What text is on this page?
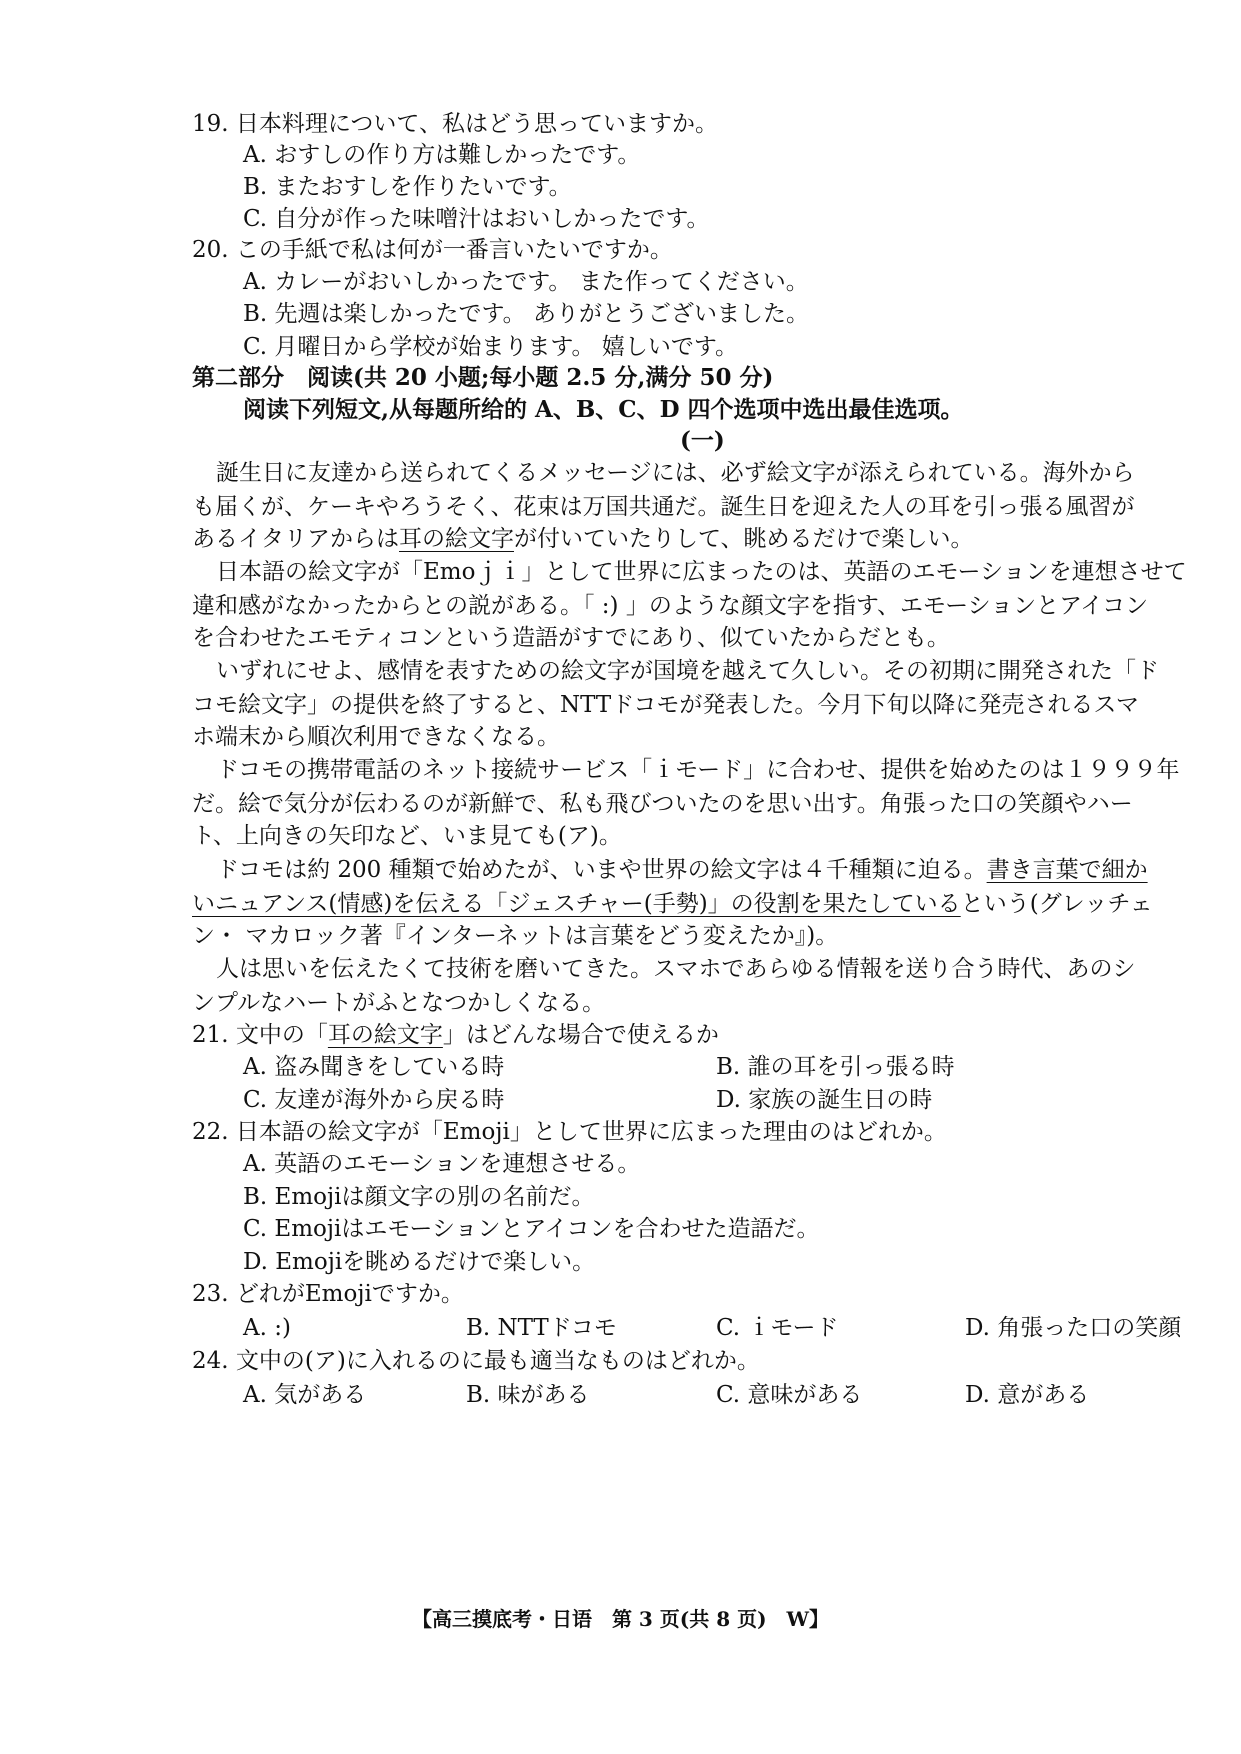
19. 日本料理について、私はどう思っていますか。
A. おすしの作り方は難しかったです。
B. またおすしを作りたいです。
C. 自分が作った味噌汁はおいしかったです。
20. この手紙で私は何が一番言いたいですか。
A. カレーがおいしかったです。 また作ってください。
B. 先週は楽しかったです。 ありがとうございました。
C. 月曜日から学校が始まります。 嬉しいです。
第二部分　阅读(共 20 小题;每小题 2.5 分,满分 50 分)
阅读下列短文,从每题所给的 A、B、C、D 四个选项中选出最佳选项。
(一)
誕生日に友達から送られてくるメッセージには、必ず絵文字が添えられている。海外から
も届くが、ケーキやろうそく、花束は万国共通だ。誕生日を迎えた人の耳を引っ張る風習が
あるイタリアからは耳の絵文字が付いていたりして、眺めるだけで楽しい。
日本語の絵文字が「Emoｊｉ」として世界に広まったのは、英語のエモーションを連想させて
違和感がなかったからとの説がある。「 :) 」のような顔文字を指す、エモーションとアイコン
を合わせたエモティコンという造語がすでにあり、似ていたからだとも。
いずれにせよ、感情を表すための絵文字が国境を越えて久しい。その初期に開発された「ド
コモ絵文字」の提供を終了すると、NTTドコモが発表した。今月下旬以降に発売されるスマ
ホ端末から順次利用できなくなる。
ドコモの携帯電話のネット接続サービス「ｉモード」に合わせ、提供を始めたのは１９９９年
だ。絵で気分が伝わるのが新鮮で、私も飛びついたのを思い出す。角張った口の笑顔やハー
ト、上向きの矢印など、いま見ても(ア)。
ドコモは約 200 種類で始めたが、いまや世界の絵文字は４千種類に迫る。書き言葉で細か
いニュアンス(情感)を伝える「ジェスチャー(手勢)」の役割を果たしているという(グレッチェ
ン・ マカロック著『インターネットは言葉をどう変えたか』)。
人は思いを伝えたくて技術を磨いてきた。スマホであらゆる情報を送り合う時代、あのシ
ンプルなハートがふとなつかしくなる。
21. 文中の「耳の絵文字」はどんな場合で使えるか
A. 盗み聞きをしている時	B. 誰の耳を引っ張る時
C. 友達が海外から戻る時	D. 家族の誕生日の時
22. 日本語の絵文字が「Emoji」として世界に広まった理由のはどれか。
A. 英語のエモーションを連想させる。
B. Emojiは顔文字の別の名前だ。
C. Emojiはエモーションとアイコンを合わせた造語だ。
D. Emojiを眺めるだけで楽しい。
23. どれがEmojiですか。
A. :)	B. NTTドコモ	C. ｉモード	D. 角張った口の笑顔
24. 文中の(ア)に入れるのに最も適当なものはどれか。
A. 気がある	B. 味がある	C. 意味がある	D. 意がある
【高三摸底考・日语　第 3 页(共 8 页)　W】
